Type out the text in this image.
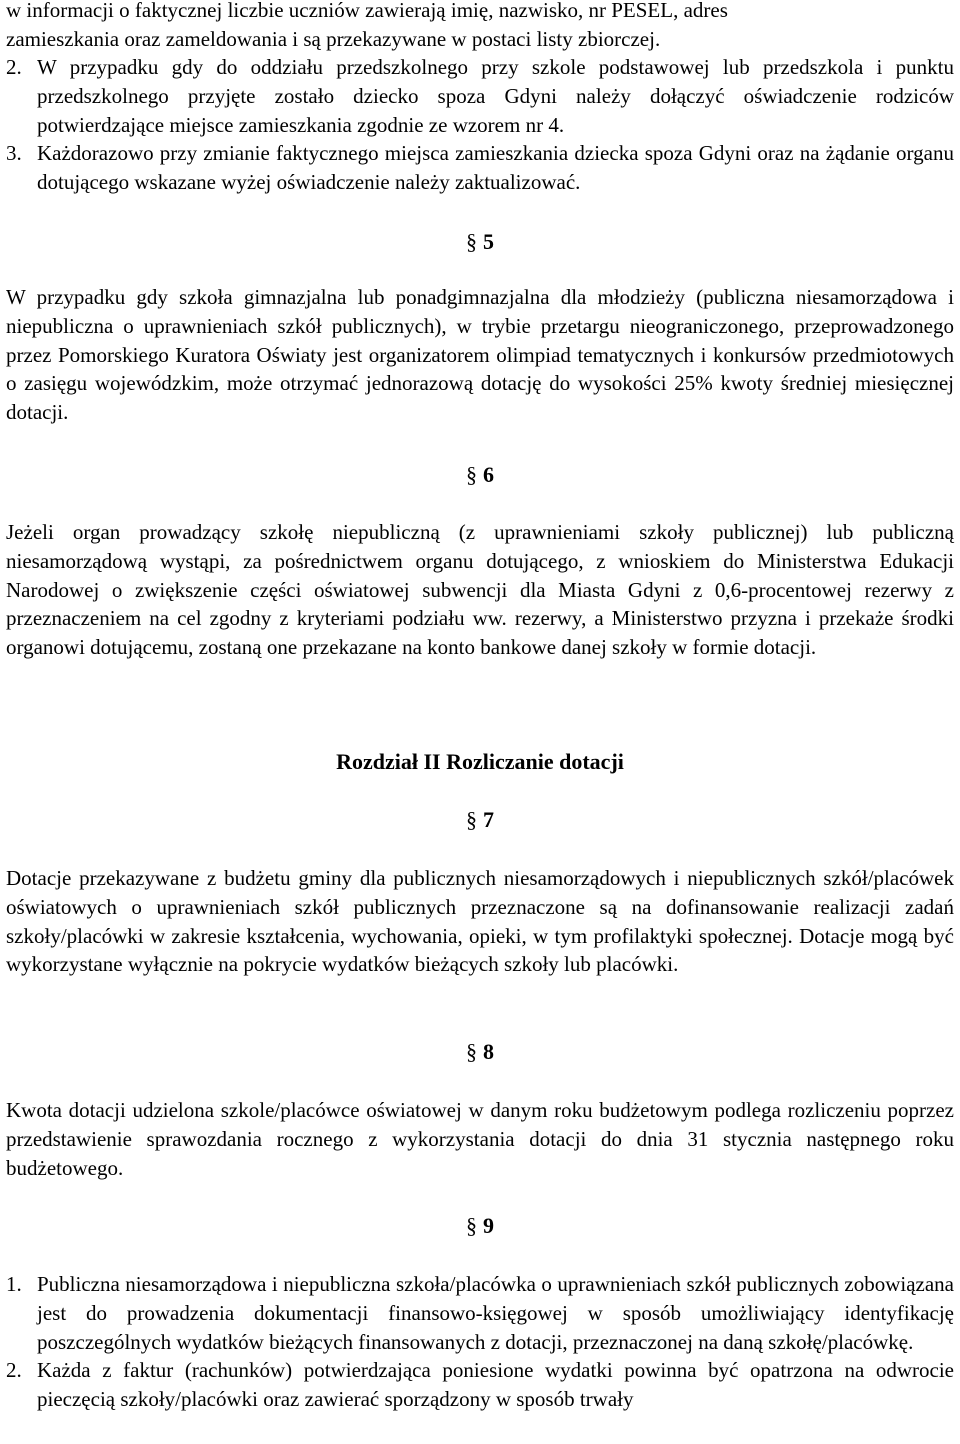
w informacji o faktycznej liczbie uczniów zawierają imię, nazwisko, nr PESEL, adres
zamieszkania oraz zameldowania i są przekazywane w postaci listy zbiorczej.

2. W przypadku gdy do oddziału przedszkolnego przy szkole podstawowej lub przedszkola i punktu przedszkolnego przyjęte zostało dziecko spoza Gdyni należy dołączyć oświadczenie rodziców potwierdzające miejsce zamieszkania zgodnie ze wzorem nr 4.

3. Każdorazowo przy zmianie faktycznego miejsca zamieszkania dziecka spoza Gdyni oraz na żądanie organu dotującego wskazane wyżej oświadczenie należy zaktualizować.

§ 5

W przypadku gdy szkoła gimnazjalna lub ponadgimnazjalna dla młodzieży (publiczna niesamorządowa i niepubliczna o uprawnieniach szkół publicznych), w trybie przetargu nieograniczonego, przeprowadzonego przez Pomorskiego Kuratora Oświaty jest organizatorem olimpiad tematycznych i konkursów przedmiotowych o zasięgu wojewódzkim, może otrzymać jednorazową dotację do wysokości 25% kwoty średniej miesięcznej dotacji.

§ 6

Jeżeli organ prowadzący szkołę niepubliczną (z uprawnieniami szkoły publicznej) lub publiczną niesamorządową wystąpi, za pośrednictwem organu dotującego, z wnioskiem do Ministerstwa Edukacji Narodowej o zwiększenie części oświatowej subwencji dla Miasta Gdyni z 0,6-procentowej rezerwy z przeznaczeniem na cel zgodny z kryteriami podziału ww. rezerwy, a Ministerstwo przyzna i przekaże środki organowi dotującemu, zostaną one przekazane na konto bankowe danej szkoły w formie dotacji.

Rozdział II Rozliczanie dotacji
§ 7

Dotacje przekazywane z budżetu gminy dla publicznych niesamorządowych i niepublicznych szkół/placówek oświatowych o uprawnieniach szkół publicznych przeznaczone są na dofinansowanie realizacji zadań szkoły/placówki w zakresie kształcenia, wychowania, opieki, w tym profilaktyki społecznej. Dotacje mogą być wykorzystane wyłącznie na pokrycie wydatków bieżących szkoły lub placówki.

§ 8

Kwota dotacji udzielona szkole/placówce oświatowej w danym roku budżetowym podlega rozliczeniu poprzez przedstawienie sprawozdania rocznego z wykorzystania dotacji do dnia 31 stycznia następnego roku budżetowego.

§ 9

1. Publiczna niesamorządowa i niepubliczna szkoła/placówka o uprawnieniach szkół publicznych zobowiązana jest do prowadzenia dokumentacji finansowo-księgowej w sposób umożliwiający identyfikację poszczególnych wydatków bieżących finansowanych z dotacji, przeznaczonej na daną szkołę/placówkę.

2. Każda z faktur (rachunków) potwierdzająca poniesione wydatki powinna być opatrzona na odwrocie pieczęcią szkoły/placówki oraz zawierać sporządzony w sposób trwały
